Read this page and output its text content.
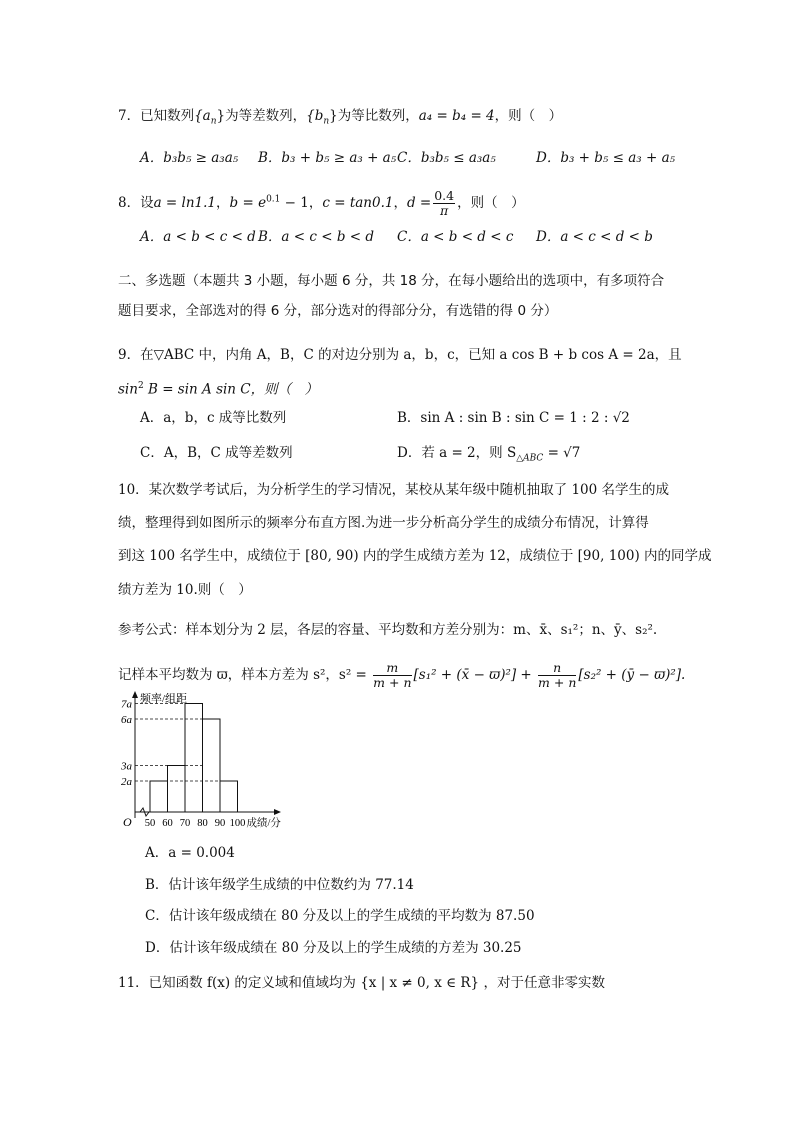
7．已知数列$\{a_n\}$为等差数列，$\{b_n\}$为等比数列，a₄ = b₄ = 4，则（　）
A．b₃b₅ ≥ a₃a₅ B．b₃ + b₅ ≥ a₃ + a₅ C．b₃b₅ ≤ a₃a₅	D．b₃ + b₅ ≤ a₃ + a₅
8．设a = ln1.1，$b = e^{0.1} - 1$，c = tan0.1，$d = \frac{0.4}{\pi}$ ，则（　）
A．a < b < c < d B．a < c < b < d C．a < b < d < c D．a < c < d < b
二、多选题（本题共 3 小题，每小题 6 分，共 18 分，在每小题给出的选项中，有多项符合
题目要求，全部选对的得 6 分，部分选对的得部分分，有选错的得 0 分）
9．在▽ABC 中，内角 A，B，C 的对边分别为 a，b，c，已知 a cos B + b cos A = 2a，且
$\sin^2 B = \sin A$ sin C，则（　）
A．a，b，c 成等比数列	B．sin A : sin B : sin C = 1 : 2 : √2
C．A，B，C 成等差数列	D．若 a = 2，则 $S_{\triangle ABC} = √7$
10．某次数学考试后，为分析学生的学习情况，某校从某年级中随机抽取了 100 名学生的成
绩，整理得到如图所示的频率分布直方图.为进一步分析高分学生的成绩分布情况，计算得
到这 100 名学生中，成绩位于 [80, 90) 内的学生成绩方差为 12，成绩位于 [90, 100) 内的同学成
绩方差为 10.则（　）
参考公式：样本划分为 2 层，各层的容量、平均数和方差分别为：m、x̄、s₁²；n、ȳ、s₂².
记样本平均数为 ϖ，样本方差为 s²，$s^2 = \frac{m}{m + n} [s_1^2$ + (x̄ − $ϖ)^2] + \frac{n}{m + n} [s_2^2$ + (ȳ − ϖ)²].
频率/组距
O
2a
3a
6a
7a
50 60 70 80 90 100 成绩/分
A．a = 0.004
B．估计该年级学生成绩的中位数约为 77.14
C．估计该年级成绩在 80 分及以上的学生成绩的平均数为 87.50
D．估计该年级成绩在 80 分及以上的学生成绩的方差为 30.25
11．已知函数 f(x) 的定义域和值域均为 {x | x ≠ 0, x ∈ R} ，对于任意非零实数
